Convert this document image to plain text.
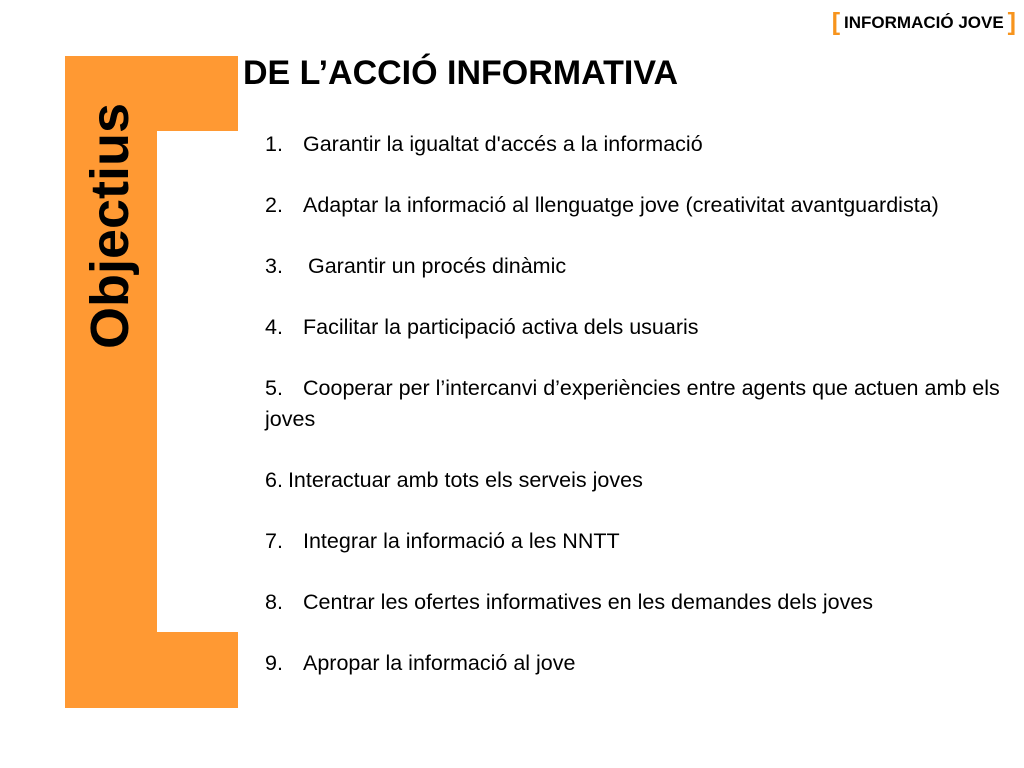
[ INFORMACIÓ JOVE ]
Objectius
DE L’ACCIÓ INFORMATIVA
1. Garantir la igualtat d'accés a la informació
2. Adaptar la informació al llenguatge jove (creativitat avantguardista)
3. Garantir un procés dinàmic
4. Facilitar la participació activa dels usuaris
5. Cooperar per l’intercanvi d’experiències entre agents que actuen amb els joves
6. Interactuar amb tots els serveis joves
7. Integrar la informació a les NNTT
8. Centrar les ofertes informatives en les demandes dels joves
9. Apropar la informació al jove
